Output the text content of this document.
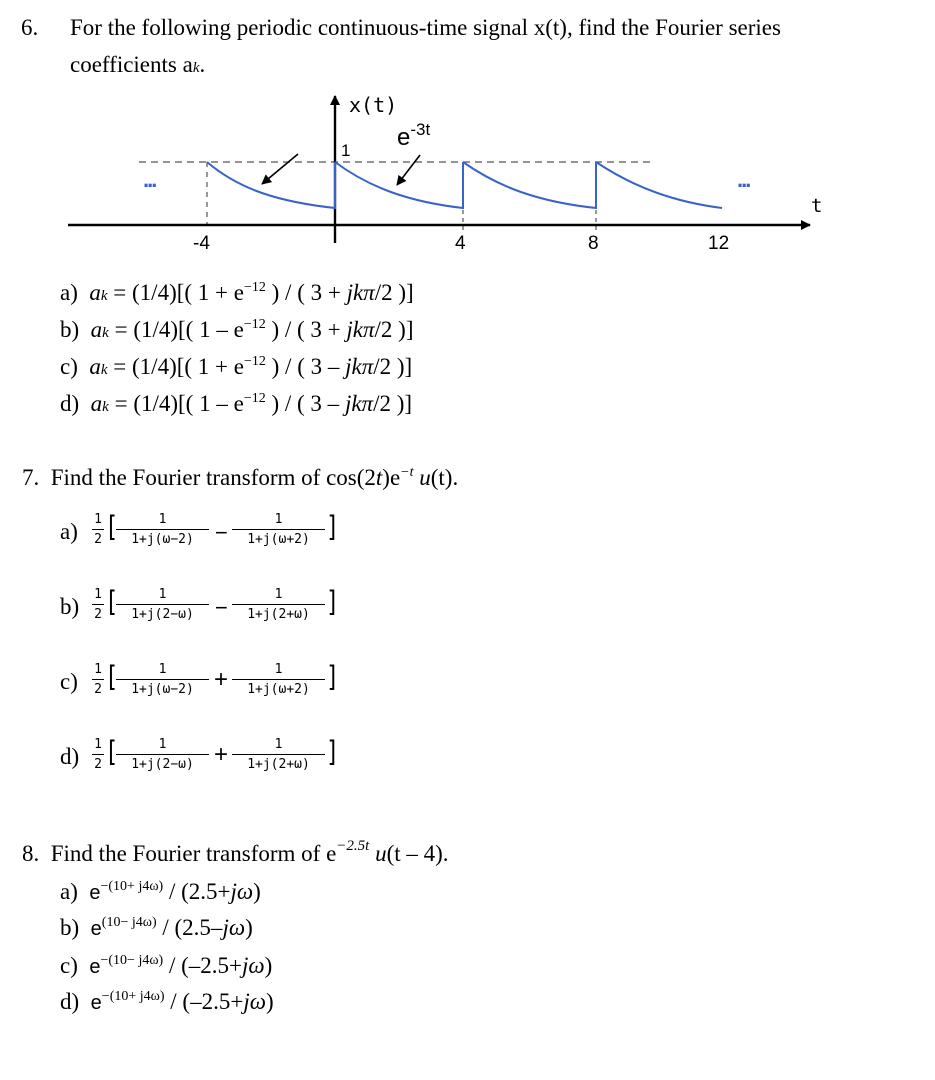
6. For the following periodic continuous-time signal x(t), find the Fourier series
coefficients ak.
x(t)
$e^{-3t}$
1
...	...
t
-4	4	8	12
a) ak = (1/4)[( $1 + e^{-12}$ ) / ( 3 + jkπ/2 )]
b) ak = (1/4)[( $1 - e^{-12}$ ) / ( 3 + jkπ/2 )]
c) ak = (1/4)[( $1 + e^{-12}$ ) / ( 3 – jkπ/2 )]
d) ak = (1/4)[( $1 - e^{-12}$ ) / ( 3 – jkπ/2 )]
7. Find the Fourier transform of $\cos(2t)e^{-t}$ u(t).
a) 1
2 [	1
1+j(ω−2) −
1
1+j(ω+2) ]
b) 1
2 [	1
1+j(2−ω) −
1
1+j(2+ω) ]
c) 1
2 [	1
1+j(ω−2) +	1
1+j(ω+2) ]
d) 1
2 [	1
1+j(2−ω) +	1
1+j(2+ω) ]
8. Find the Fourier transform of $e^{-2.5t}$ u(t – 4).
a) $e^{-(10+ j4\omega)} / (2.5+j\omega)$
b) $e^{(10- j4\omega)} / (2.5-j\omega)$
c) $e^{-(10- j4\omega)} / (-2.5+j\omega)$
d) $e^{-(10+ j4\omega)} / (-2.5+j\omega)$
